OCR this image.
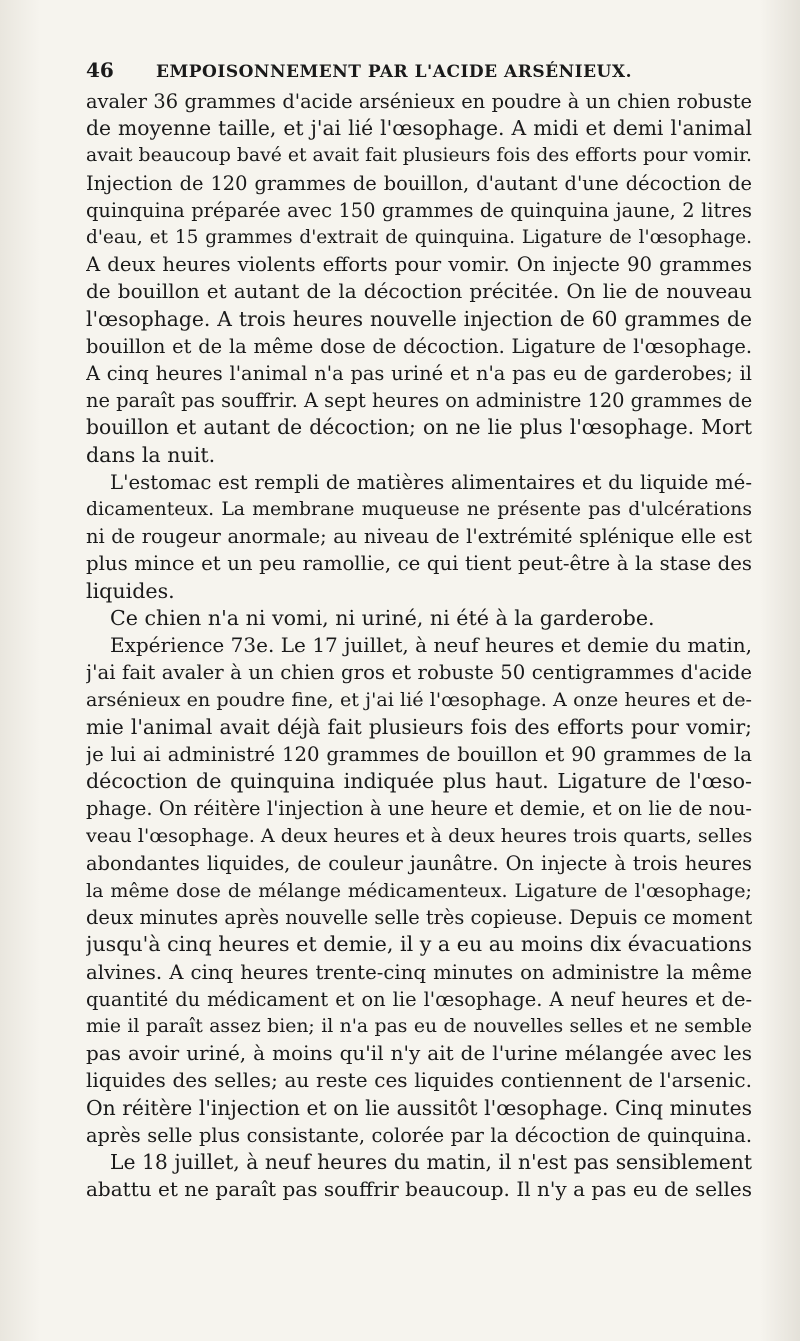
46	EMPOISONNEMENT PAR L'ACIDE ARSÉNIEUX.
avaler 36 grammes d'acide arsénieux en poudre à un chien robuste
de moyenne taille, et j'ai lié l'œsophage. A midi et demi l'animal
avait beaucoup bavé et avait fait plusieurs fois des efforts pour vomir.
Injection de 120 grammes de bouillon, d'autant d'une décoction de
quinquina préparée avec 150 grammes de quinquina jaune, 2 litres
d'eau, et 15 grammes d'extrait de quinquina. Ligature de l'œsophage.
A deux heures violents efforts pour vomir. On injecte 90 grammes
de bouillon et autant de la décoction précitée. On lie de nouveau
l'œsophage. A trois heures nouvelle injection de 60 grammes de
bouillon et de la même dose de décoction. Ligature de l'œsophage.
A cinq heures l'animal n'a pas uriné et n'a pas eu de garderobes; il
ne paraît pas souffrir. A sept heures on administre 120 grammes de
bouillon et autant de décoction; on ne lie plus l'œsophage. Mort
dans la nuit.
L'estomac est rempli de matières alimentaires et du liquide mé-
dicamenteux. La membrane muqueuse ne présente pas d'ulcérations
ni de rougeur anormale; au niveau de l'extrémité splénique elle est
plus mince et un peu ramollie, ce qui tient peut-être à la stase des
liquides.
Ce chien n'a ni vomi, ni uriné, ni été à la garderobe.
Expérience 73e. Le 17 juillet, à neuf heures et demie du matin,
j'ai fait avaler à un chien gros et robuste 50 centigrammes d'acide
arsénieux en poudre fine, et j'ai lié l'œsophage. A onze heures et de-
mie l'animal avait déjà fait plusieurs fois des efforts pour vomir;
je lui ai administré 120 grammes de bouillon et 90 grammes de la
décoction de quinquina indiquée plus haut. Ligature de l'œso-
phage. On réitère l'injection à une heure et demie, et on lie de nou-
veau l'œsophage. A deux heures et à deux heures trois quarts, selles
abondantes liquides, de couleur jaunâtre. On injecte à trois heures
la même dose de mélange médicamenteux. Ligature de l'œsophage;
deux minutes après nouvelle selle très copieuse. Depuis ce moment
jusqu'à cinq heures et demie, il y a eu au moins dix évacuations
alvines. A cinq heures trente-cinq minutes on administre la même
quantité du médicament et on lie l'œsophage. A neuf heures et de-
mie il paraît assez bien; il n'a pas eu de nouvelles selles et ne semble
pas avoir uriné, à moins qu'il n'y ait de l'urine mélangée avec les
liquides des selles; au reste ces liquides contiennent de l'arsenic.
On réitère l'injection et on lie aussitôt l'œsophage. Cinq minutes
après selle plus consistante, colorée par la décoction de quinquina.
Le 18 juillet, à neuf heures du matin, il n'est pas sensiblement
abattu et ne paraît pas souffrir beaucoup. Il n'y a pas eu de selles
